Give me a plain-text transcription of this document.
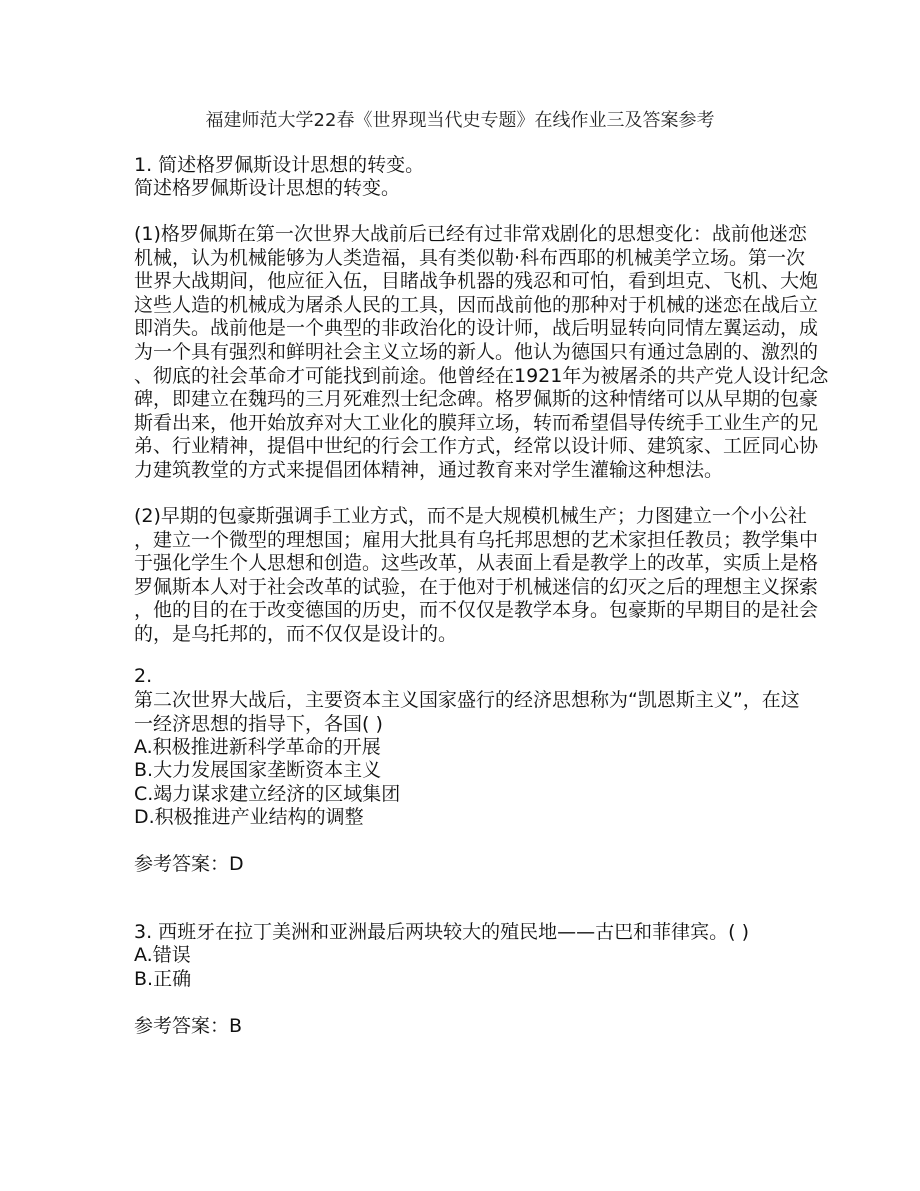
福建师范大学22春《世界现当代史专题》在线作业三及答案参考
1. 简述格罗佩斯设计思想的转变。
简述格罗佩斯设计思想的转变。
(1)格罗佩斯在第一次世界大战前后已经有过非常戏剧化的思想变化：战前他迷恋
机械，认为机械能够为人类造福，具有类似勒·科布西耶的机械美学立场。第一次
世界大战期间，他应征入伍，目睹战争机器的残忍和可怕，看到坦克、飞机、大炮
这些人造的机械成为屠杀人民的工具，因而战前他的那种对于机械的迷恋在战后立
即消失。战前他是一个典型的非政治化的设计师，战后明显转向同情左翼运动，成
为一个具有强烈和鲜明社会主义立场的新人。他认为德国只有通过急剧的、激烈的
、彻底的社会革命才可能找到前途。他曾经在1921年为被屠杀的共产党人设计纪念
碑，即建立在魏玛的三月死难烈士纪念碑。格罗佩斯的这种情绪可以从早期的包豪
斯看出来，他开始放弃对大工业化的膜拜立场，转而希望倡导传统手工业生产的兄
弟、行业精神，提倡中世纪的行会工作方式，经常以设计师、建筑家、工匠同心协
力建筑教堂的方式来提倡团体精神，通过教育来对学生灌输这种想法。
(2)早期的包豪斯强调手工业方式，而不是大规模机械生产；力图建立一个小公社
，建立一个微型的理想国；雇用大批具有乌托邦思想的艺术家担任教员；教学集中
于强化学生个人思想和创造。这些改革，从表面上看是教学上的改革，实质上是格
罗佩斯本人对于社会改革的试验，在于他对于机械迷信的幻灭之后的理想主义探索
，他的目的在于改变德国的历史，而不仅仅是教学本身。包豪斯的早期目的是社会
的，是乌托邦的，而不仅仅是设计的。
2.
第二次世界大战后，主要资本主义国家盛行的经济思想称为“凯恩斯主义”，在这
一经济思想的指导下，各国( )
A.积极推进新科学革命的开展
B.大力发展国家垄断资本主义
C.竭力谋求建立经济的区域集团
D.积极推进产业结构的调整
参考答案：D
3. 西班牙在拉丁美洲和亚洲最后两块较大的殖民地——古巴和菲律宾。( )
A.错误
B.正确
参考答案：B
